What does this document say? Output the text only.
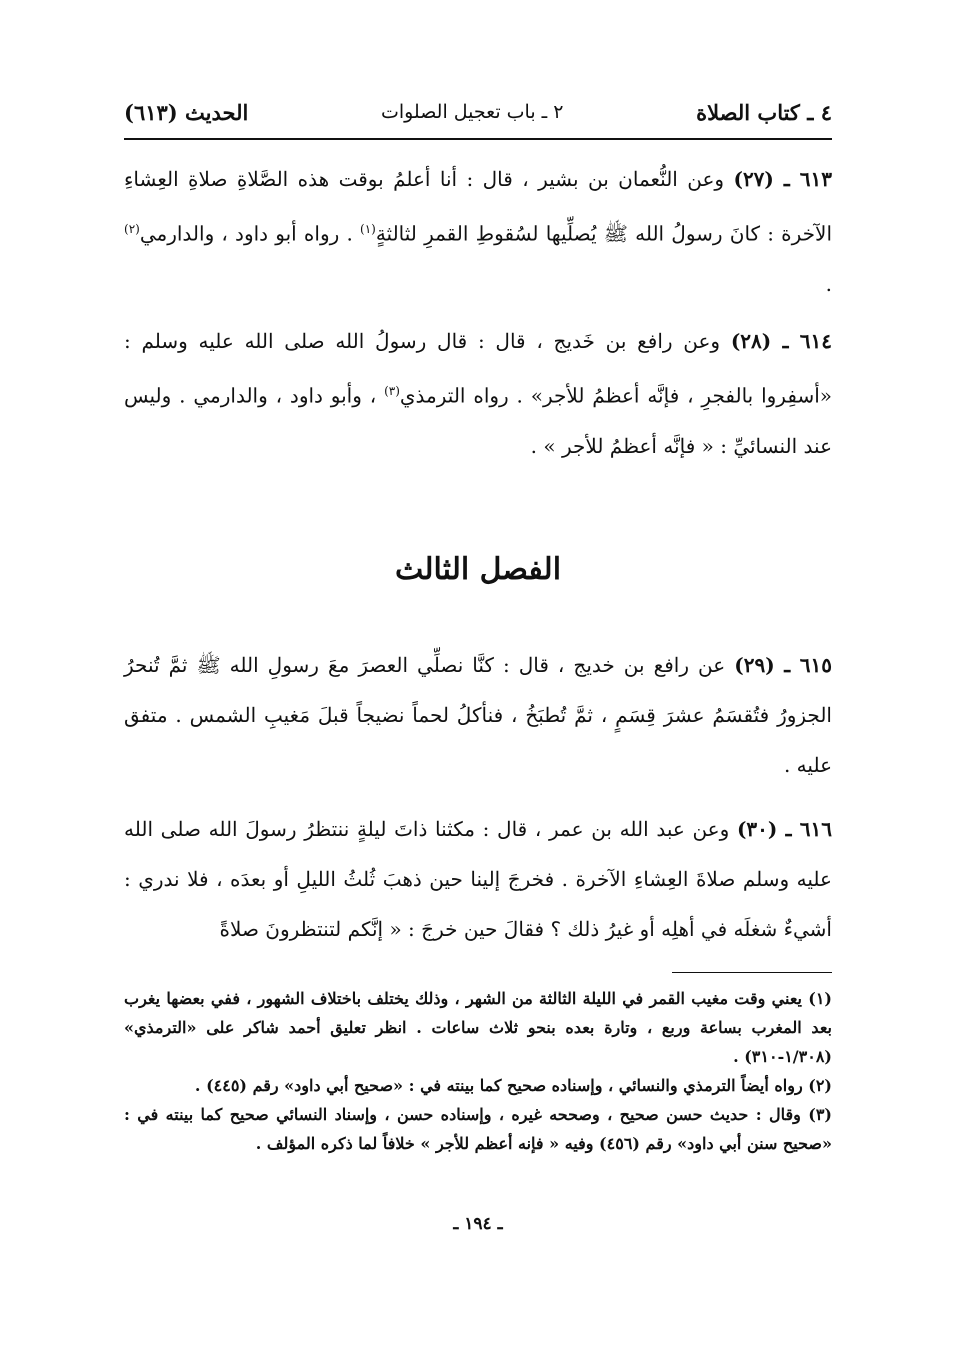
٤ ـ كتاب الصلاة
٢ ـ باب تعجيل الصلوات
الحديث (٦١٣)
٦١٣ ـ (٢٧) وعن النُّعمان بن بشير ، قال : أنا أعلمُ بوقت هذه الصَّلاةِ صلاةِ العِشاءِ الآخرة : كانَ رسولُ الله ﷺ يُصلِّيها لسُقوطِ القمرِ لثالثةٍ$^{(١)}$ . رواه أبو داود ، والدارمي$^{(٢)}$ .
٦١٤ ـ (٢٨) وعن رافع بن خَديج ، قال : قال رسولُ الله صلى الله عليه وسلم : «أسفِروا بالفجرِ ، فإنَّه أعظمُ للأجر» . رواه الترمذي$^{(٣)}$ ، وأبو داود ، والدارمي . وليس عند النسائيِّ : « فإنَّه أعظمُ للأجر » .
الفصل الثالث
٦١٥ ـ (٢٩) عن رافع بن خديج ، قال : كنَّا نصلِّي العصرَ معَ رسولِ الله ﷺ ثمَّ تُنحرُ الجزورُ فتُقسَمُ عشرَ قِسَمٍ ، ثمَّ تُطبَخُ ، فنأكلُ لحماً نضيجاً قبلَ مَغيبِ الشمس . متفق عليه .
٦١٦ ـ (٣٠) وعن عبد الله بن عمر ، قال : مكثنا ذاتَ ليلةٍ ننتظرُ رسولَ الله صلى الله عليه وسلم صلاةَ العِشاءِ الآخرة . فخرجَ إلينا حين ذهبَ ثُلثُ الليلِ أو بعدَه ، فلا ندري : أشيءٌ شغلَه في أهلِه أو غيرُ ذلك ؟ فقالَ حين خرجَ : « إنَّكم لتنتظرونَ صلاةً

(١) يعني وقت مغيب القمر في الليلة الثالثة من الشهر ، وذلك يختلف باختلاف الشهور ، ففي بعضها يغرب بعد المغرب بساعة وربع ، وتارة بعده بنحو ثلاث ساعات . انظر تعليق أحمد شاكر على «الترمذي» (١/٣٠٨-٣١٠) .

(٢) رواه أيضاً الترمذي والنسائي ، وإسناده صحيح كما بينته في : «صحيح أبي داود» رقم (٤٤٥) .

(٣) وقال : حديث حسن صحيح ، وصححه غيره ، وإسناده حسن ، وإسناد النسائي صحيح كما بينته في : «صحيح سنن أبي داود» رقم (٤٥٦) وفيه « فإنه أعظم للأجر » خلافاً لما ذكره المؤلف .

ـ ١٩٤ ـ
